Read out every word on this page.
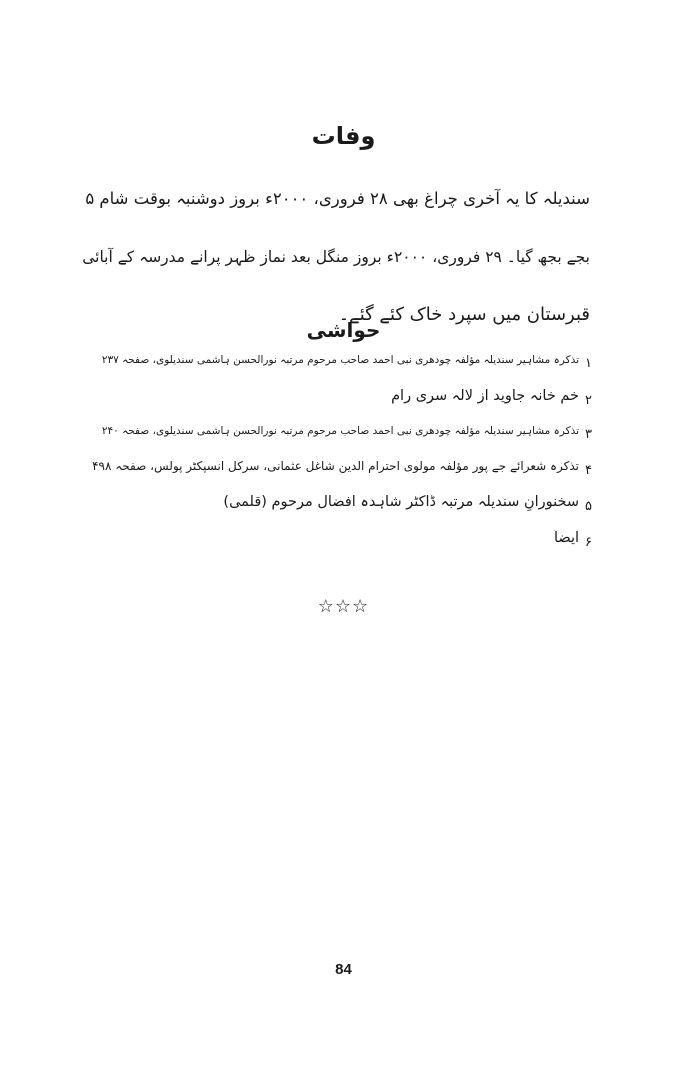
وفات

سندیلہ کا یہ آخری چراغ بھی ۲۸ فروری، ۲۰۰۰ء بروز دوشنبہ بوقت شام ۵

بجے بجھ گیا۔ ۲۹ فروری، ۲۰۰۰ء بروز منگل بعد نماز ظہر پرانے مدرسہ کے آبائی

قبرستان میں سپرد خاک کئے گئے۔

حواشی
۱
تذکرہ مشاہیر سندیلہ مؤلفہ چودھری نبی احمد صاحب مرحوم مرتبہ نورالحسن ہاشمی سندیلوی، صفحہ ۲۳۷
۲
خم خانہ جاوید از لالہ سری رام
۳
تذکرہ مشاہیر سندیلہ مؤلفہ چودھری نبی احمد صاحب مرحوم مرتبہ نورالحسن ہاشمی سندیلوی، صفحہ ۲۴۰
۴
تذکرہ شعرائے جے پور مؤلفہ مولوی احترام الدین شاغل عثمانی، سرکل انسپکٹر پولس، صفحہ ۴۹۸
۵
سخنورانِ سندیلہ مرتبہ ڈاکٹر شاہدہ افضال مرحوم (قلمی)
۶
ایضاً
☆☆☆
84
